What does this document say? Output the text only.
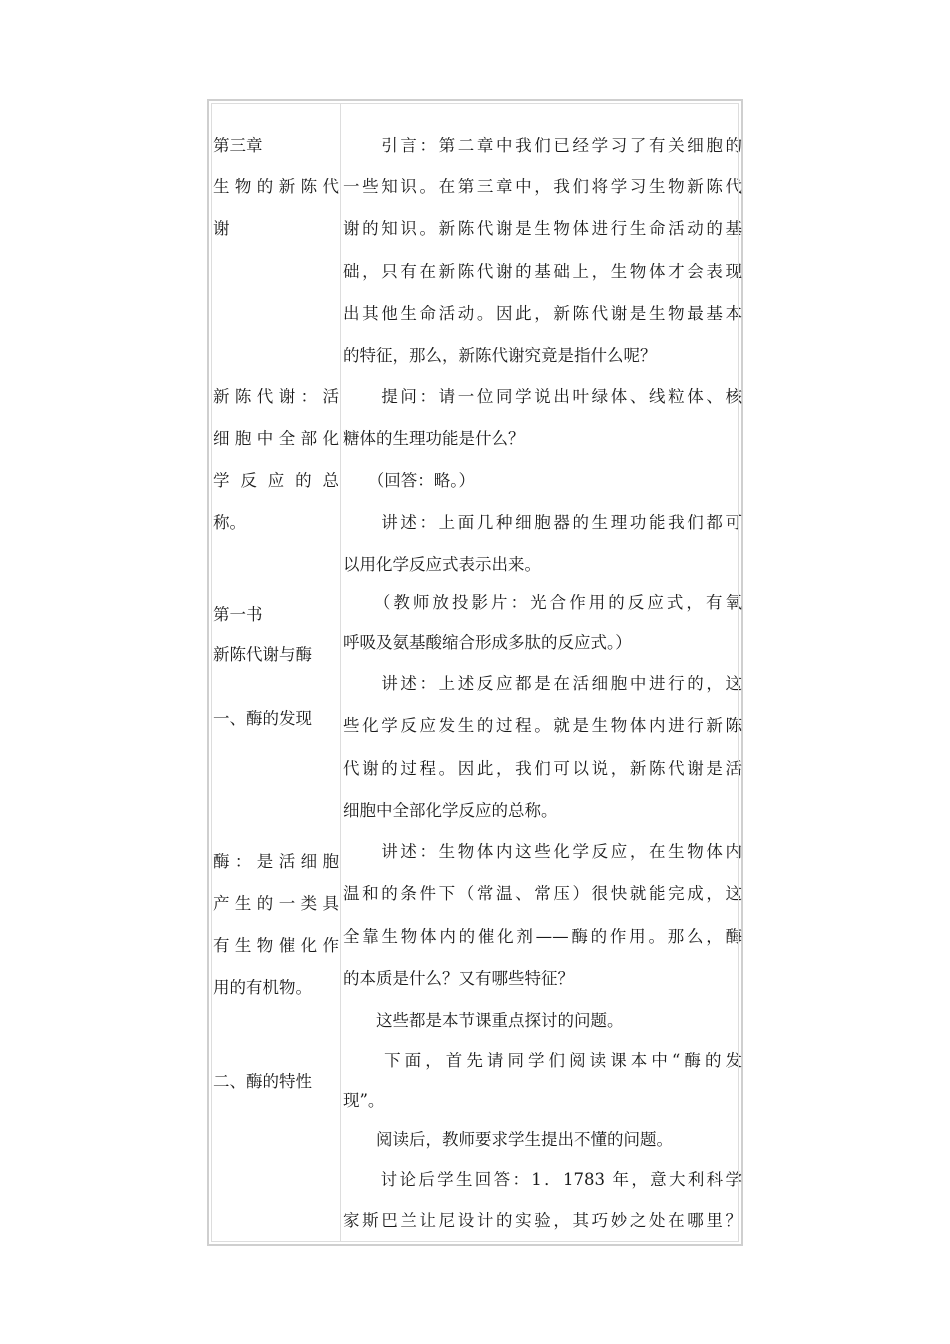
第三章
生物的新陈代
谢
新陈代谢：活
细胞中全部化
学反应的总
称。
第一书
新陈代谢与酶
一、酶的发现
酶：是活细胞
产生的一类具
有生物催化作
用的有机物。
二、酶的特性
　　引言：第二章中我们已经学习了有关细胞的
一些知识。在第三章中，我们将学习生物新陈代
谢的知识。新陈代谢是生物体进行生命活动的基
础，只有在新陈代谢的基础上，生物体才会表现
出其他生命活动。因此，新陈代谢是生物最基本
的特征，那么，新陈代谢究竟是指什么呢？
　　提问：请一位同学说出叶绿体、线粒体、核
糖体的生理功能是什么？
　　（回答：略。）
　　讲述：上面几种细胞器的生理功能我们都可
以用化学反应式表示出来。
　　（教师放投影片：光合作用的反应式，有氧
呼吸及氨基酸缩合形成多肽的反应式。）
　　讲述：上述反应都是在活细胞中进行的，这
些化学反应发生的过程。就是生物体内进行新陈
代谢的过程。因此，我们可以说，新陈代谢是活
细胞中全部化学反应的总称。
　　讲述：生物体内这些化学反应，在生物体内
温和的条件下（常温、常压）很快就能完成，这
全靠生物体内的催化剂——酶的作用。那么，酶
的本质是什么？又有哪些特征？
　　这些都是本节课重点探讨的问题。
　　下面，首先请同学们阅读课本中“酶的发
现”。
　　阅读后，教师要求学生提出不懂的问题。
　　讨论后学生回答：1．1783 年，意大利科学
家斯巴兰让尼设计的实验，其巧妙之处在哪里？
